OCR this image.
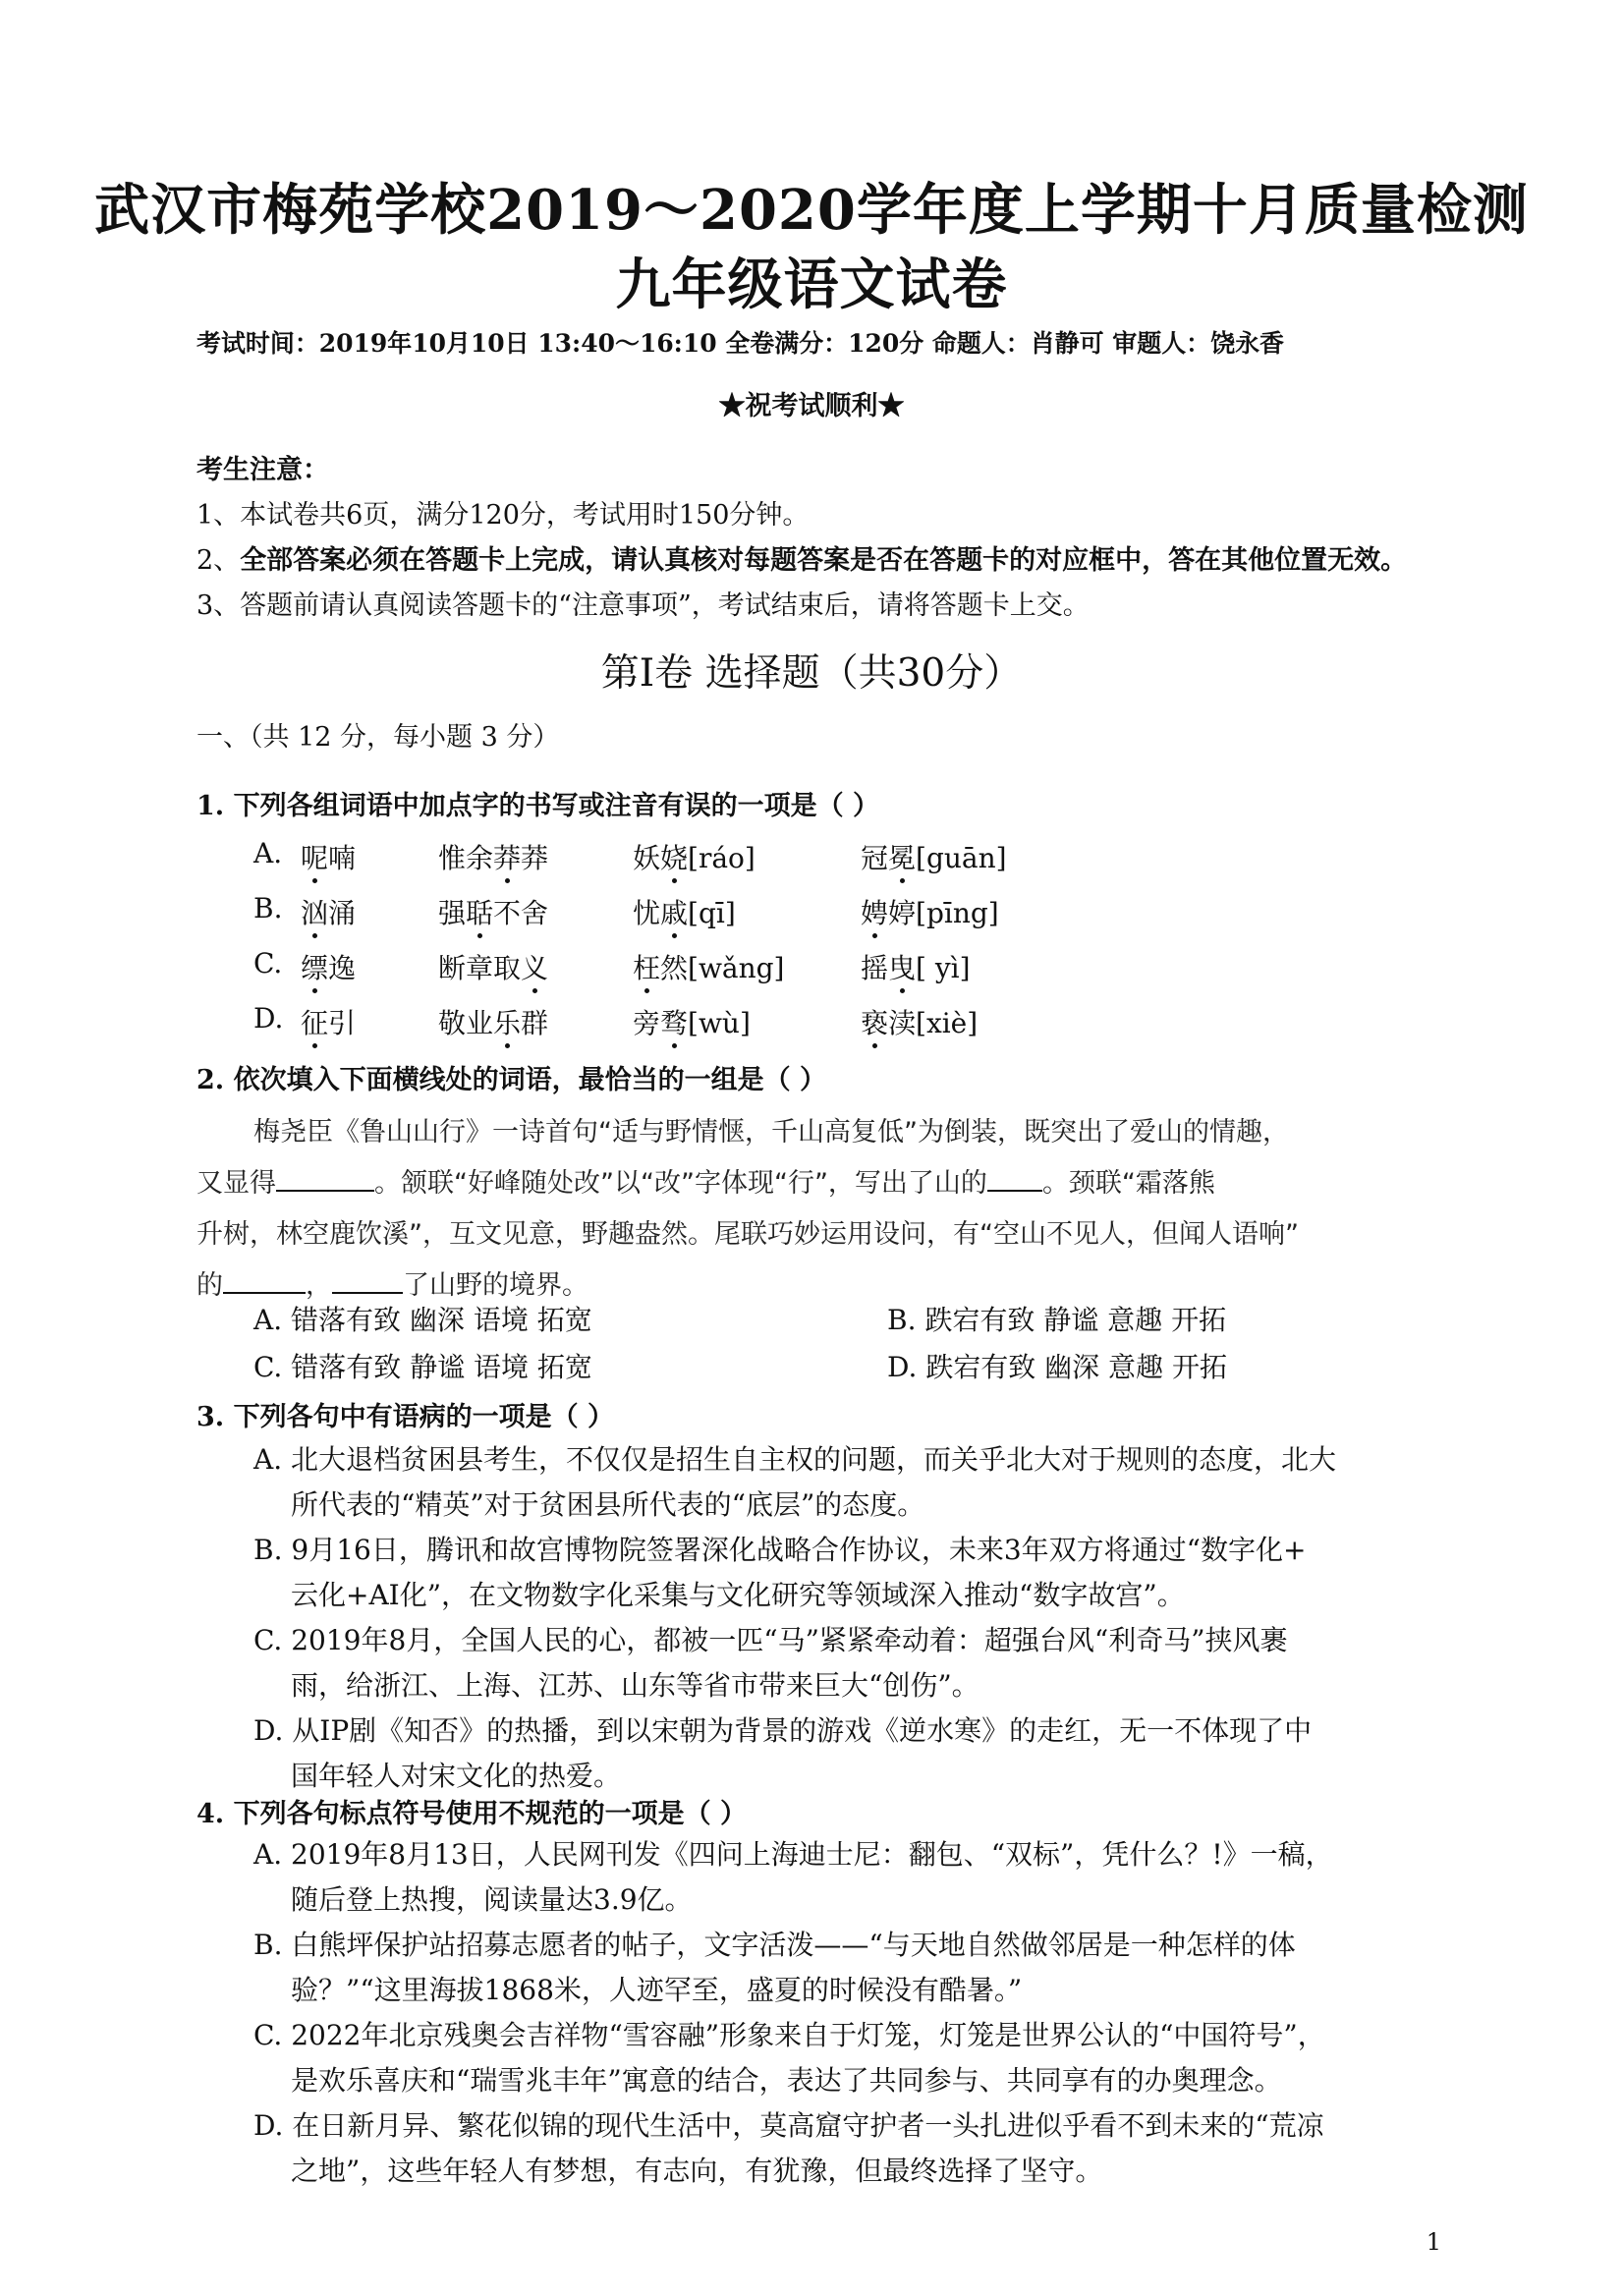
武汉市梅苑学校2019～2020学年度上学期十月质量检测
九年级语文试卷
考试时间：2019年10月10日 13:40～16:10 全卷满分：120分 命题人：肖静可 审题人：饶永香
★祝考试顺利★
考生注意：
1、本试卷共6页，满分120分，考试用时150分钟。
2、全部答案必须在答题卡上完成，请认真核对每题答案是否在答题卡的对应框中，答在其他位置无效。
3、答题前请认真阅读答题卡的“注意事项”，考试结束后，请将答题卡上交。
第Ⅰ卷 选择题（共30分）
一、（共 12 分，每小题 3 分）
1. 下列各组词语中加点字的书写或注音有误的一项是（ ）
A. 呢喃	惟余莽莽	妖娆[ráo]	冠冕[guān]
B. 汹涌	强聒不舍	忧戚[qī]	娉婷[pīng]
C. 缥逸	断章取义	枉然[wǎng]	摇曳[ yì]
D. 征引	敬业乐群	旁骛[wù]	亵渎[xiè]
2. 依次填入下面横线处的词语，最恰当的一组是（ ）
梅尧臣《鲁山山行》一诗首句“适与野情惬，千山高复低”为倒装，既突出了爱山的情趣，
又显得	。颔联“好峰随处改”以“改”字体现“行”，写出了山的 。颈联“霜落熊
升树，林空鹿饮溪”，互文见意，野趣盎然。尾联巧妙运用设问，有“空山不见人，但闻人语响”
的	，	了山野的境界。
A. 错落有致 幽深 语境 拓宽	B. 跌宕有致 静谧 意趣 开拓
C. 错落有致 静谧 语境 拓宽	D. 跌宕有致 幽深 意趣 开拓
3. 下列各句中有语病的一项是（ ）
A. 北大退档贫困县考生，不仅仅是招生自主权的问题，而关乎北大对于规则的态度，北大
所代表的“精英”对于贫困县所代表的“底层”的态度。
B. 9月16日，腾讯和故宫博物院签署深化战略合作协议，未来3年双方将通过“数字化+
云化+AI化”，在文物数字化采集与文化研究等领域深入推动“数字故宫”。
C. 2019年8月，全国人民的心，都被一匹“马”紧紧牵动着：超强台风“利奇马”挟风裹
雨，给浙江、上海、江苏、山东等省市带来巨大“创伤”。
D. 从IP剧《知否》的热播，到以宋朝为背景的游戏《逆水寒》的走红，无一不体现了中
国年轻人对宋文化的热爱。
4. 下列各句标点符号使用不规范的一项是（ ）
A. 2019年8月13日，人民网刊发《四问上海迪士尼：翻包、“双标”，凭什么？!》一稿，
随后登上热搜，阅读量达3.9亿。
B. 白熊坪保护站招募志愿者的帖子，文字活泼——“与天地自然做邻居是一种怎样的体
验？”“这里海拔1868米，人迹罕至，盛夏的时候没有酷暑。”
C. 2022年北京残奥会吉祥物“雪容融”形象来自于灯笼，灯笼是世界公认的“中国符号”，
是欢乐喜庆和“瑞雪兆丰年”寓意的结合，表达了共同参与、共同享有的办奥理念。
D. 在日新月异、繁花似锦的现代生活中，莫高窟守护者一头扎进似乎看不到未来的“荒凉
之地”，这些年轻人有梦想，有志向，有犹豫，但最终选择了坚守。
1
